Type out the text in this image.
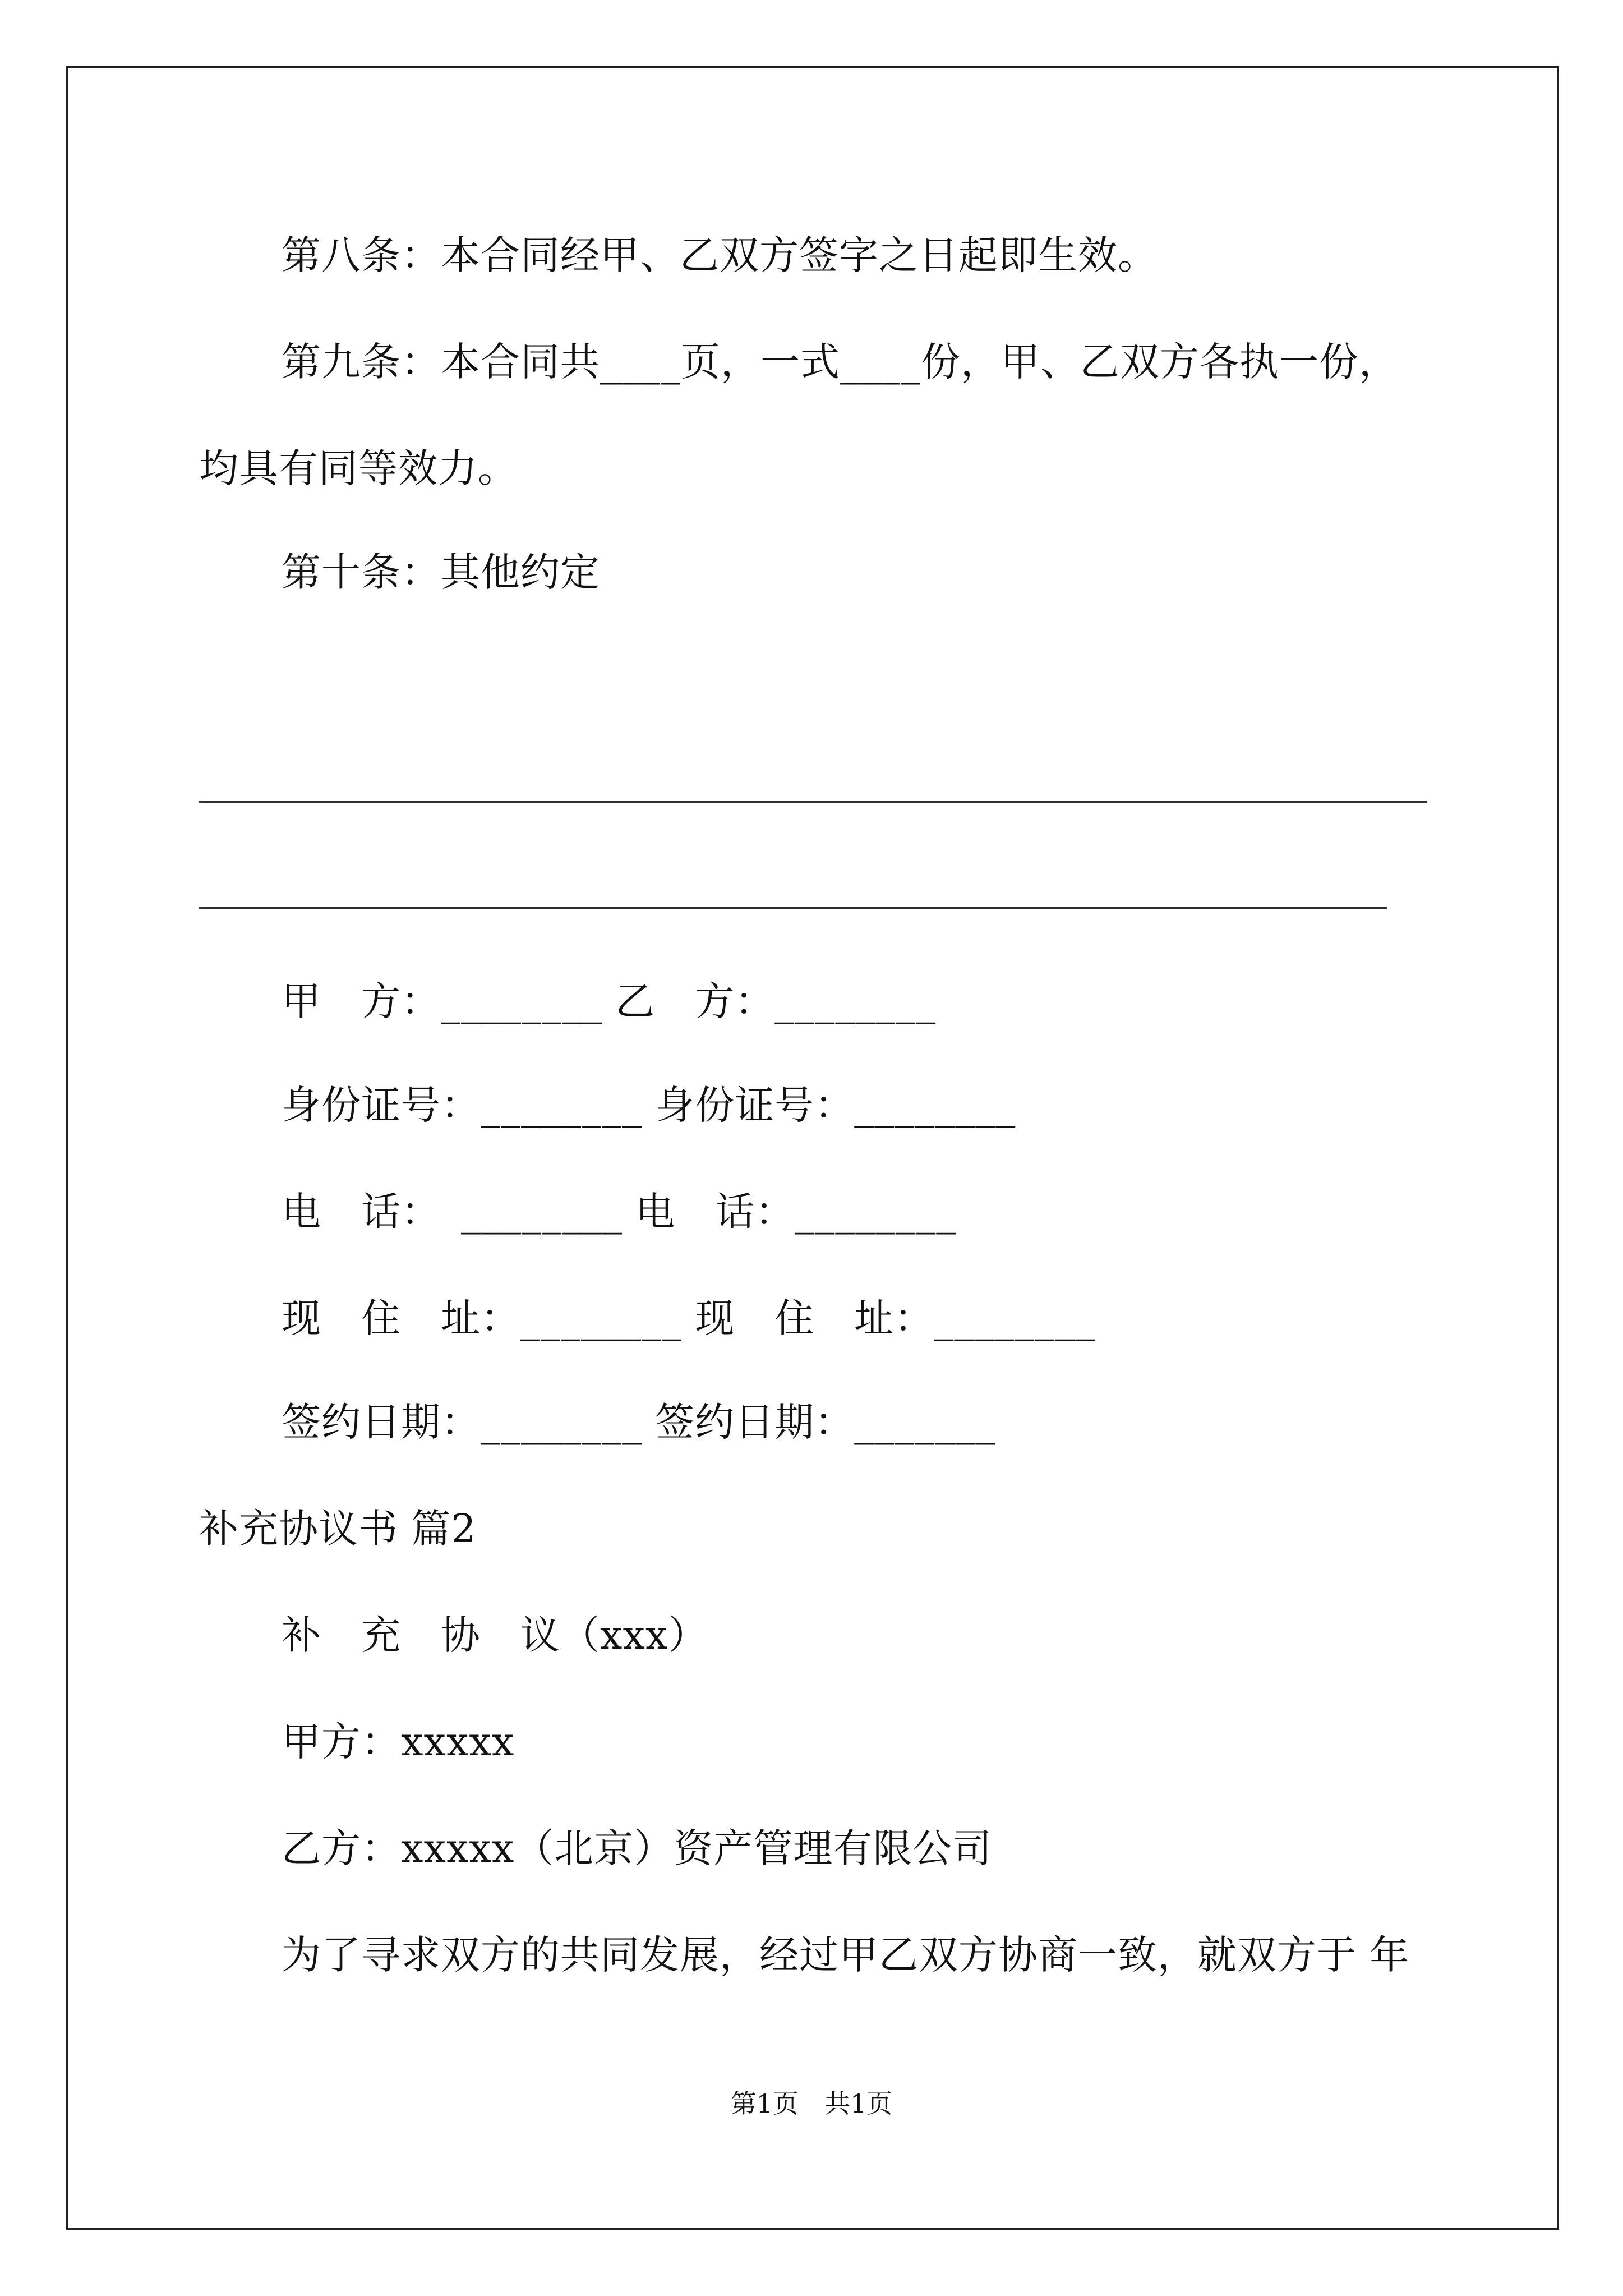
第八条：本合同经甲、乙双方签字之日起即生效。
第九条：本合同共____页，一式____份，甲、乙双方各执一份，
均具有同等效力。
第十条：其他约定
甲　方：________ 乙　方：________
身份证号：________ 身份证号：________
电　话：　________ 电　话：________
现　住　址：________ 现　住　址：________
签约日期：________ 签约日期：_______
补充协议书 篇2
补　充　协　议（xxx）
甲方：xxxxx
乙方：xxxxx（北京）资产管理有限公司
为了寻求双方的共同发展，经过甲乙双方协商一致，就双方于 年
第1页　共1页
